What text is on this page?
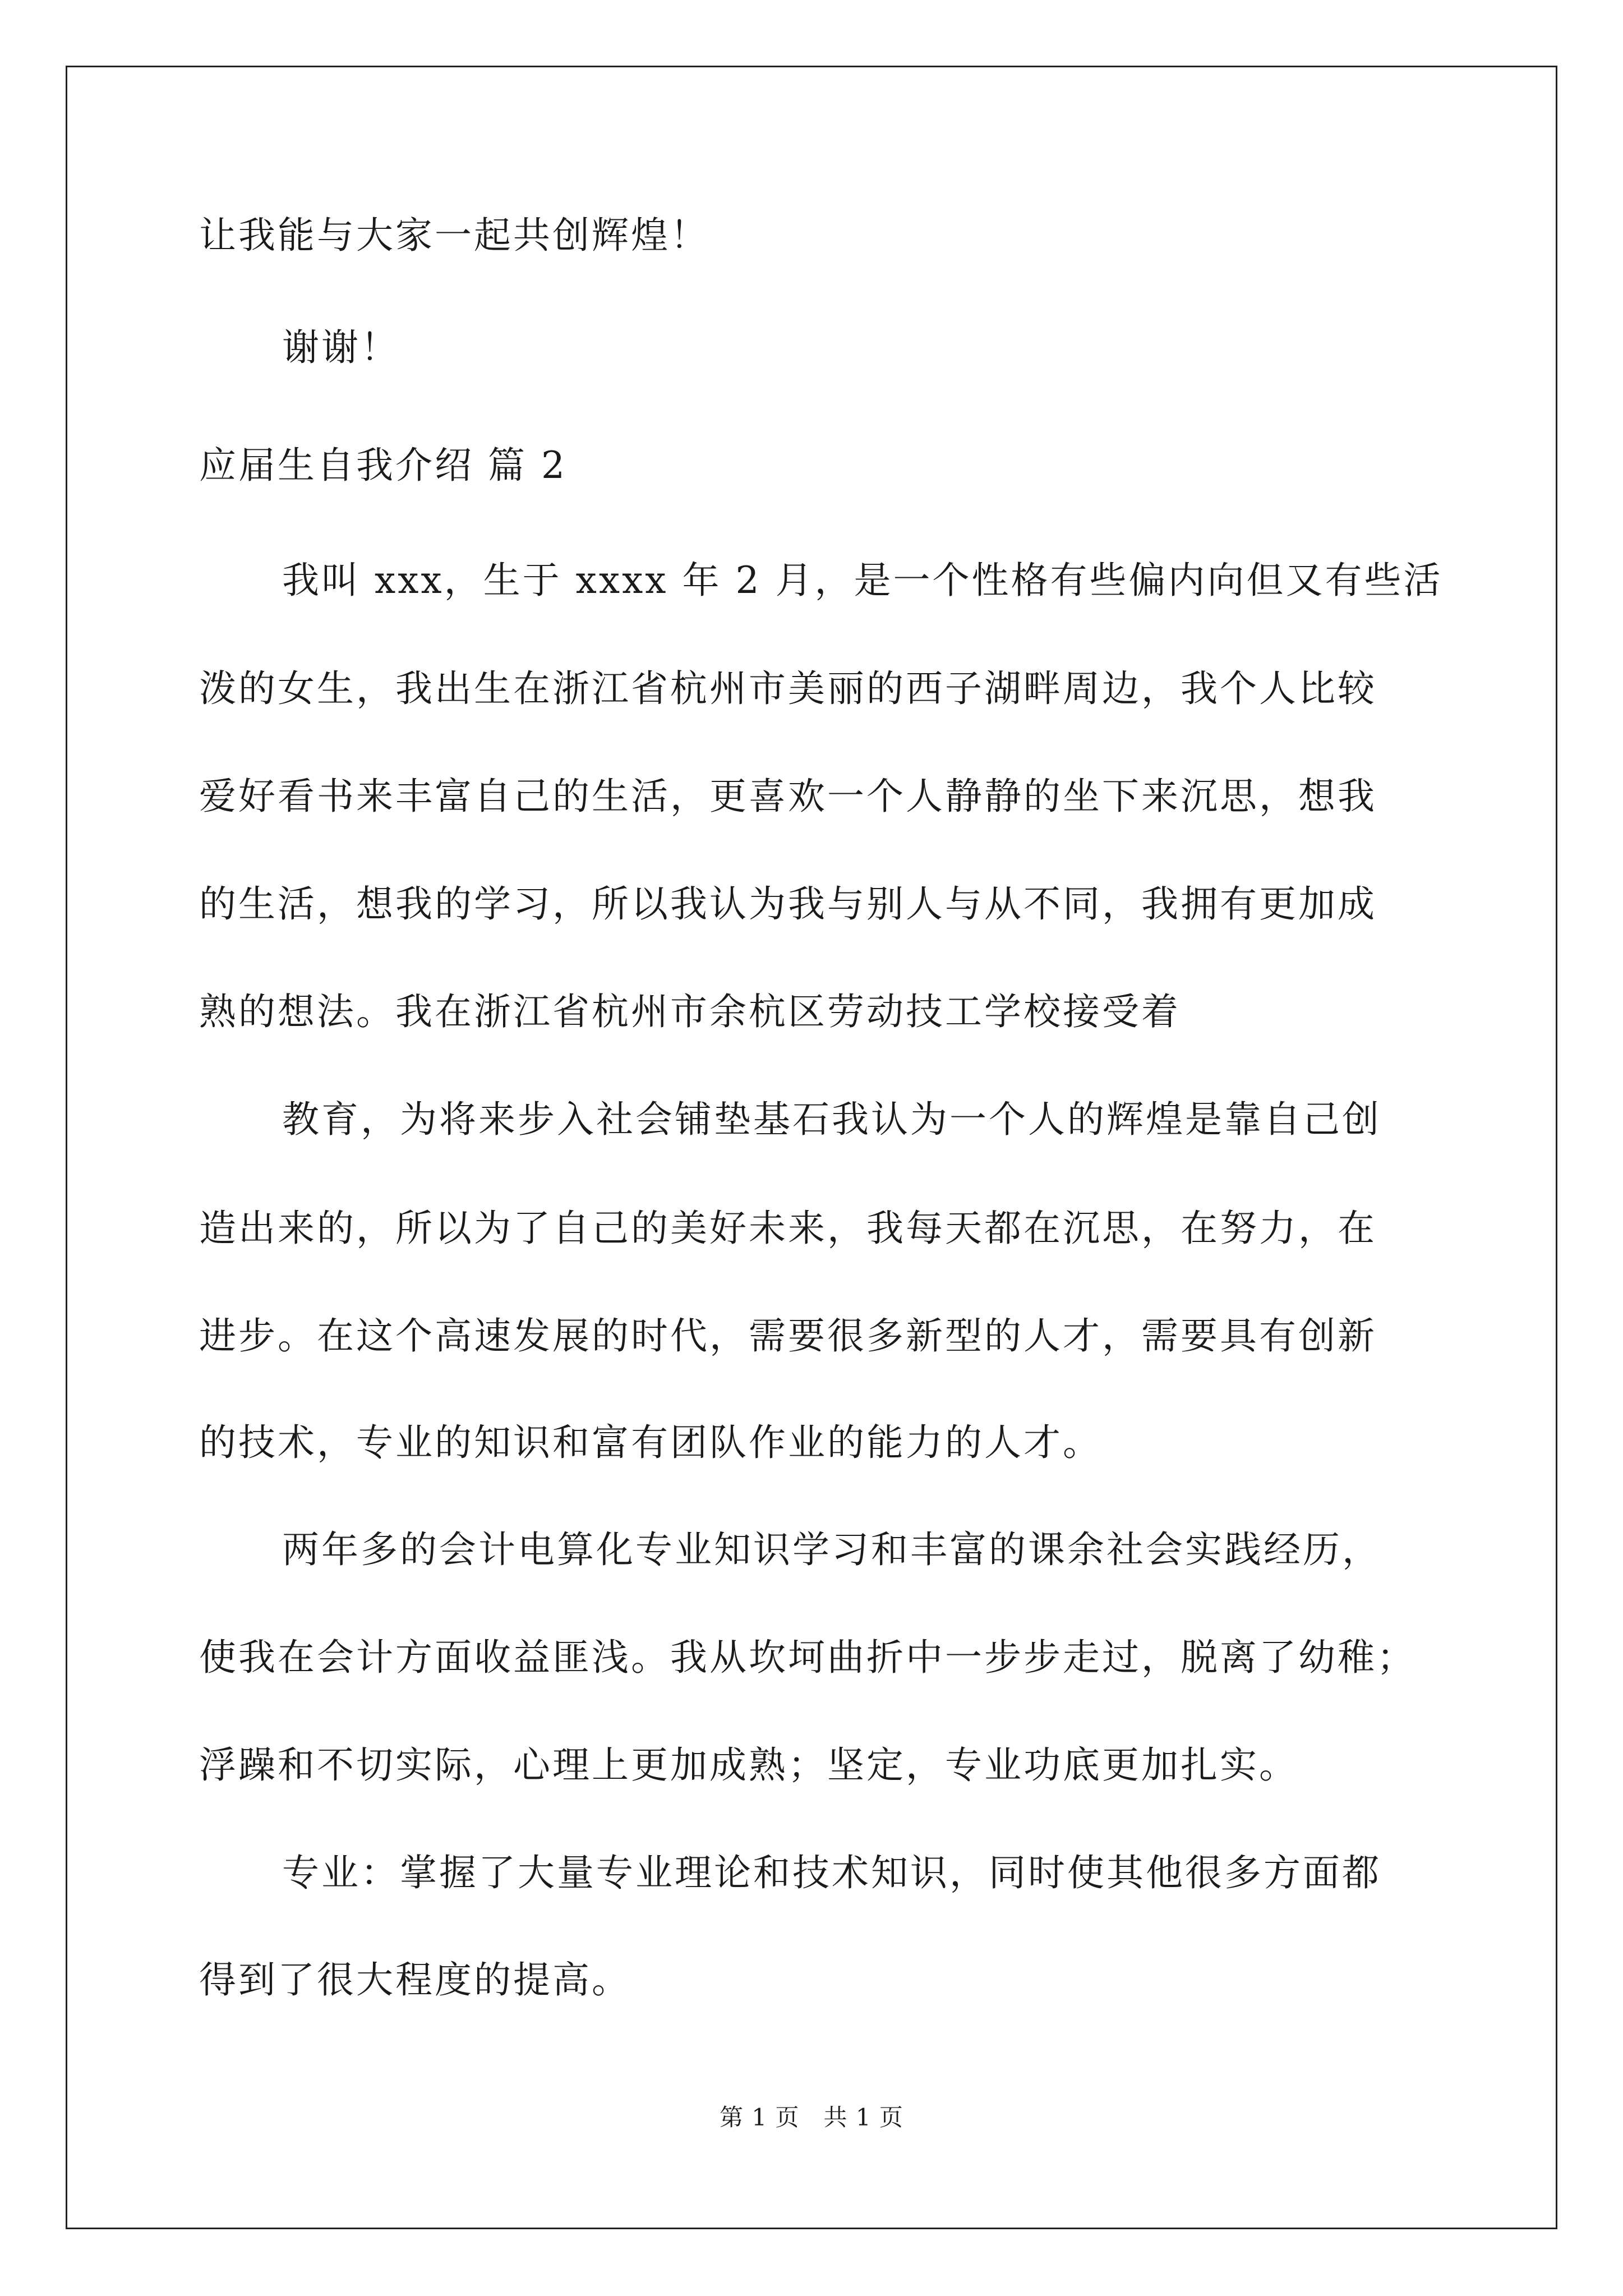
让我能与大家一起共创辉煌！
谢谢！
应届生自我介绍 篇 2
我叫 xxx，生于 xxxx 年 2 月，是一个性格有些偏内向但又有些活
泼的女生，我出生在浙江省杭州市美丽的西子湖畔周边，我个人比较
爱好看书来丰富自己的生活，更喜欢一个人静静的坐下来沉思，想我
的生活，想我的学习，所以我认为我与别人与从不同，我拥有更加成
熟的想法。我在浙江省杭州市余杭区劳动技工学校接受着
教育，为将来步入社会铺垫基石我认为一个人的辉煌是靠自己创
造出来的，所以为了自己的美好未来，我每天都在沉思，在努力，在
进步。在这个高速发展的时代，需要很多新型的人才，需要具有创新
的技术，专业的知识和富有团队作业的能力的人才。
两年多的会计电算化专业知识学习和丰富的课余社会实践经历，
使我在会计方面收益匪浅。我从坎坷曲折中一步步走过，脱离了幼稚；
浮躁和不切实际，心理上更加成熟；坚定，专业功底更加扎实。
专业：掌握了大量专业理论和技术知识，同时使其他很多方面都
得到了很大程度的提高。
第 1 页　共 1 页
